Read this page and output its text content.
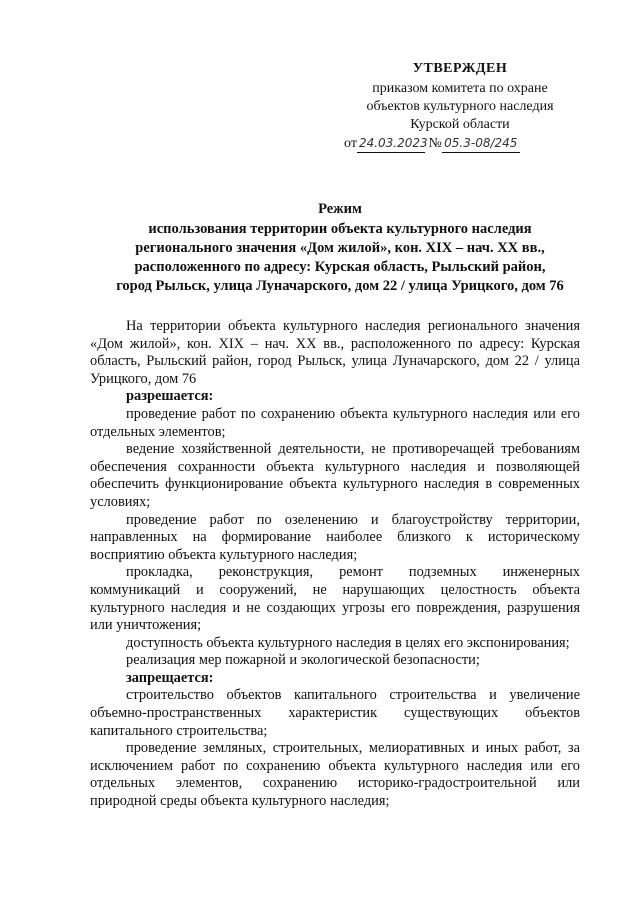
УТВЕРЖДЕН
приказом комитета по охране
объектов культурного наследия
Курской области
от 24.03.2023 № 05.3-08/245
Режим
использования территории объекта культурного наследия
регионального значения «Дом жилой», кон. XIX – нач. XX вв.,
расположенного по адресу: Курская область, Рыльский район,
город Рыльск, улица Луначарского, дом 22 / улица Урицкого, дом 76

На территории объекта культурного наследия регионального значения «Дом жилой», кон. XIX – нач. XX вв., расположенного по адресу: Курская область, Рыльский район, город Рыльск, улица Луначарского, дом 22 / улица Урицкого, дом 76

разрешается:

проведение работ по сохранению объекта культурного наследия или его отдельных элементов;

ведение хозяйственной деятельности, не противоречащей требованиям обеспечения сохранности объекта культурного наследия и позволяющей обеспечить функционирование объекта культурного наследия в современных условиях;

проведение работ по озеленению и благоустройству территории, направленных на формирование наиболее близкого к историческому восприятию объекта культурного наследия;

прокладка, реконструкция, ремонт подземных инженерных коммуникаций и сооружений, не нарушающих целостность объекта культурного наследия и не создающих угрозы его повреждения, разрушения или уничтожения;

доступность объекта культурного наследия в целях его экспонирования;

реализация мер пожарной и экологической безопасности;

запрещается:

строительство объектов капитального строительства и увеличение объемно-пространственных характеристик существующих объектов капитального строительства;

проведение земляных, строительных, мелиоративных и иных работ, за исключением работ по сохранению объекта культурного наследия или его отдельных элементов, сохранению историко-градостроительной или природной среды объекта культурного наследия;
